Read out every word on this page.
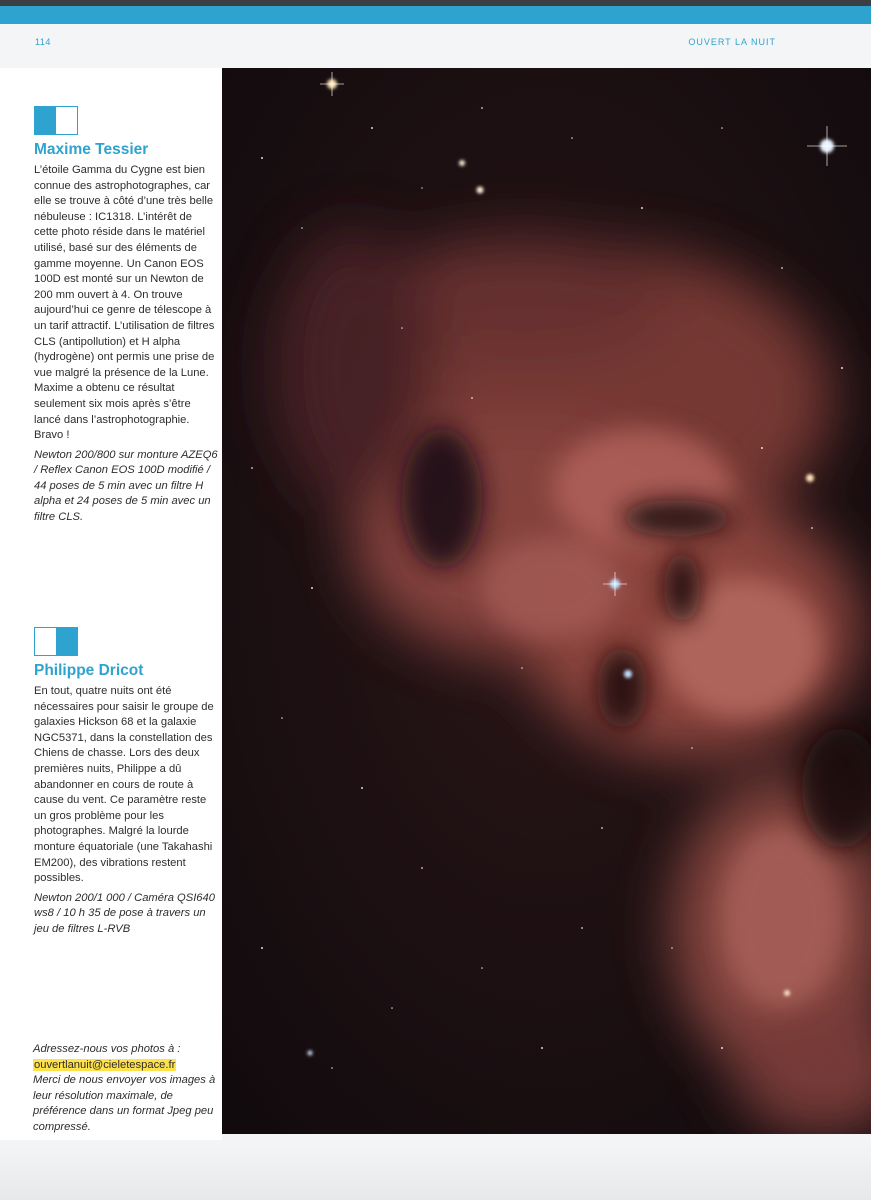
114	OUVERT LA NUIT
Maxime Tessier

L’étoile Gamma du Cygne est bien connue des astrophotographes, car elle se trouve à côté d’une très belle nébuleuse : IC1318. L’intérêt de cette photo réside dans le matériel utilisé, basé sur des éléments de gamme moyenne. Un Canon EOS 100D est monté sur un Newton de 200 mm ouvert à 4. On trouve aujourd’hui ce genre de télescope à un tarif attractif. L’utilisation de filtres CLS (antipollution) et H alpha (hydrogène) ont permis une prise de vue malgré la présence de la Lune. Maxime a obtenu ce résultat seulement six mois après s’être lancé dans l’astrophotographie. Bravo !

Newton 200/800 sur monture AZEQ6 / Reflex Canon EOS 100D modifié / 44 poses de 5 min avec un filtre H alpha et 24 poses de 5 min avec un filtre CLS.

Philippe Dricot

En tout, quatre nuits ont été nécessaires pour saisir le groupe de galaxies Hickson 68 et la galaxie NGC5371, dans la constellation des Chiens de chasse. Lors des deux premières nuits, Philippe a dû abandonner en cours de route à cause du vent. Ce paramètre reste un gros problème pour les photographes. Malgré la lourde monture équatoriale (une Takahashi EM200), des vibrations restent possibles.

Newton 200/1 000 / Caméra QSI640 ws8 / 10 h 35 de pose à travers un jeu de filtres L-RVB

Adressez-nous vos photos à :
ouvertlanuit@cieletespace.fr
Merci de nous envoyer vos images à leur résolution maximale, de préférence dans un format Jpeg peu compressé.
